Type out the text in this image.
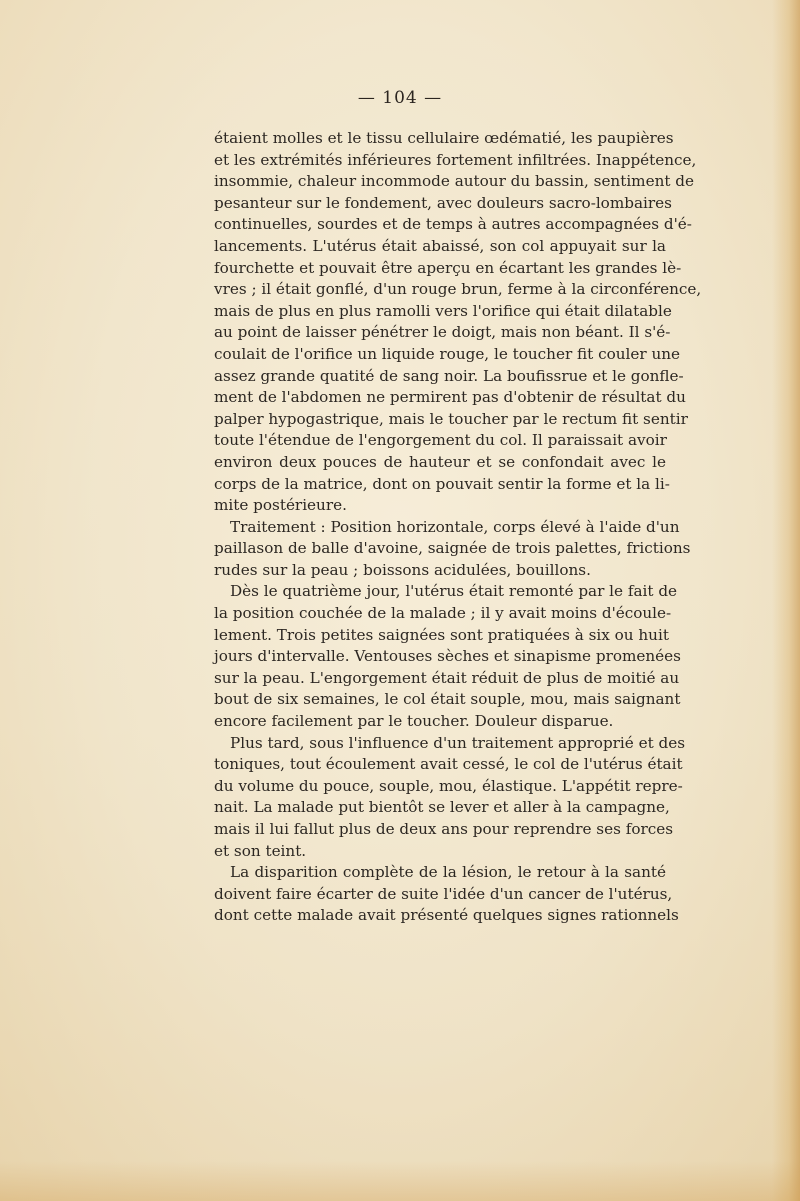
— 104 —
étaient molles et le tissu cellulaire œdématié, les paupières
et les extrémités inférieures fortement infiltrées. Inappétence,
insommie, chaleur incommode autour du bassin, sentiment de
pesanteur sur le fondement, avec douleurs sacro-lombaires
continuelles, sourdes et de temps à autres accompagnées d'é-
lancements. L'utérus était abaissé, son col appuyait sur la
fourchette et pouvait être aperçu en écartant les grandes lè-
vres ; il était gonflé, d'un rouge brun, ferme à la circonférence,
mais de plus en plus ramolli vers l'orifice qui était dilatable
au point de laisser pénétrer le doigt, mais non béant. Il s'é-
coulait de l'orifice un liquide rouge, le toucher fit couler une
assez grande quatité de sang noir. La boufissrue et le gonfle-
ment de l'abdomen ne permirent pas d'obtenir de résultat du
palper hypogastrique, mais le toucher par le rectum fit sentir
toute l'étendue de l'engorgement du col. Il paraissait avoir
environ deux pouces de hauteur et se confondait avec le
corps de la matrice, dont on pouvait sentir la forme et la li-
mite postérieure.
Traitement : Position horizontale, corps élevé à l'aide d'un
paillason de balle d'avoine, saignée de trois palettes, frictions
rudes sur la peau ; boissons acidulées, bouillons.
Dès le quatrième jour, l'utérus était remonté par le fait de
la position couchée de la malade ; il y avait moins d'écoule-
lement. Trois petites saignées sont pratiquées à six ou huit
jours d'intervalle. Ventouses sèches et sinapisme promenées
sur la peau. L'engorgement était réduit de plus de moitié au
bout de six semaines, le col était souple, mou, mais saignant
encore facilement par le toucher. Douleur disparue.
Plus tard, sous l'influence d'un traitement approprié et des
toniques, tout écoulement avait cessé, le col de l'utérus était
du volume du pouce, souple, mou, élastique. L'appétit repre-
nait. La malade put bientôt se lever et aller à la campagne,
mais il lui fallut plus de deux ans pour reprendre ses forces
et son teint.
La disparition complète de la lésion, le retour à la santé
doivent faire écarter de suite l'idée d'un cancer de l'utérus,
dont cette malade avait présenté quelques signes rationnels
